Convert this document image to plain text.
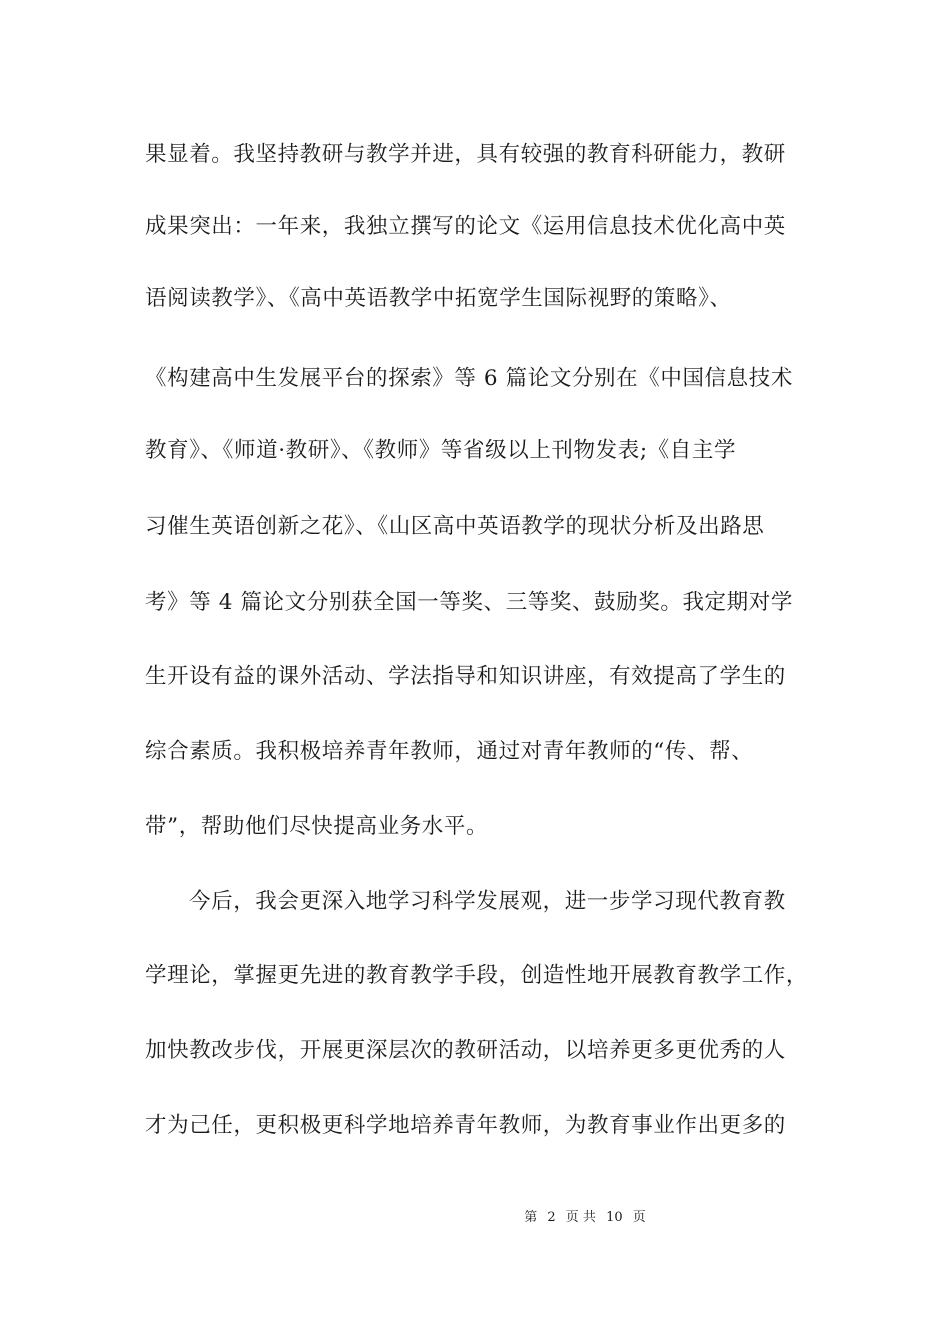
果显着。我坚持教研与教学并进，具有较强的教育科研能力，教研
成果突出：一年来，我独立撰写的论文《运用信息技术优化高中英
语阅读教学》、《高中英语教学中拓宽学生国际视野的策略》、
《构建高中生发展平台的探索》等 6 篇论文分别在《中国信息技术
教育》、《师道·教研》、《教师》等省级以上刊物发表;《自主学
习催生英语创新之花》、《山区高中英语教学的现状分析及出路思
考》等 4 篇论文分别获全国一等奖、三等奖、鼓励奖。我定期对学
生开设有益的课外活动、学法指导和知识讲座，有效提高了学生的
综合素质。我积极培养青年教师，通过对青年教师的“传、帮、
带”，帮助他们尽快提高业务水平。
今后，我会更深入地学习科学发展观，进一步学习现代教育教
学理论，掌握更先进的教育教学手段，创造性地开展教育教学工作，
加快教改步伐，开展更深层次的教研活动，以培养更多更优秀的人
才为己任，更积极更科学地培养青年教师，为教育事业作出更多的
第 2 页 共 10 页
